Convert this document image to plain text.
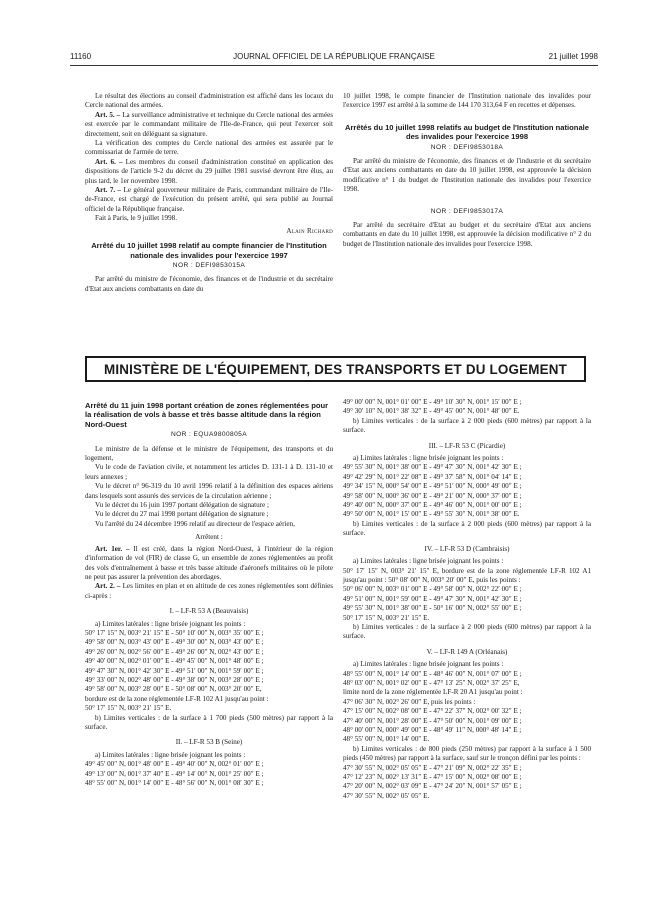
11160	JOURNAL OFFICIEL DE LA RÉPUBLIQUE FRANÇAISE	21 juillet 1998

Le résultat des élections au conseil d'administration est affiché dans les locaux du Cercle national des armées.

Art. 5. – La surveillance administrative et technique du Cercle national des armées est exercée par le commandant militaire de l'Ile-de-France, qui peut l'exercer soit directement, soit en déléguant sa signature.

La vérification des comptes du Cercle national des armées est assurée par le commissariat de l'armée de terre.

Art. 6. – Les membres du conseil d'administration constitué en application des dispositions de l'article 9-2 du décret du 29 juillet 1981 susvisé devront être élus, au plus tard, le 1er novembre 1998.

Art. 7. – Le général gouverneur militaire de Paris, commandant militaire de l'Ile-de-France, est chargé de l'exécution du présent arrêté, qui sera publié au Journal officiel de la République française.

Fait à Paris, le 9 juillet 1998.

Alain Richard
Arrêté du 10 juillet 1998 relatif au compte financier de l'Institution nationale des invalides pour l'exercice 1997
NOR : DEFI9853015A

Par arrêté du ministre de l'économie, des finances et de l'industrie et du secrétaire d'Etat aux anciens combattants en date du

10 juillet 1998, le compte financier de l'Institution nationale des invalides pour l'exercice 1997 est arrêté à la somme de 144 170 313,64 F en recettes et dépenses.

Arrêtés du 10 juillet 1998 relatifs au budget de l'Institution nationale des invalides pour l'exercice 1998
NOR : DEFI9853018A

Par arrêté du ministre de l'économie, des finances et de l'industrie et du secrétaire d'Etat aux anciens combattants en date du 10 juillet 1998, est approuvée la décision modificative n° 1 du budget de l'Institution nationale des invalides pour l'exercice 1998.

NOR : DEFI9853017A

Par arrêté du secrétaire d'Etat au budget et du secrétaire d'Etat aux anciens combattants en date du 10 juillet 1998, est approuvée la décision modificative n° 2 du budget de l'Institution nationale des invalides pour l'exercice 1998.

MINISTÈRE DE L'ÉQUIPEMENT, DES TRANSPORTS ET DU LOGEMENT
Arrêté du 11 juin 1998 portant création de zones réglementées pour la réalisation de vols à basse et très basse altitude dans la région Nord-Ouest
NOR : EQUA9800805A

Le ministre de la défense et le ministre de l'équipement, des transports et du logement,

Vu le code de l'aviation civile, et notamment les articles D. 131-1 à D. 131-10 et leurs annexes ;

Vu le décret n° 96-319 du 10 avril 1996 relatif à la définition des espaces aériens dans lesquels sont assurés des services de la circulation aérienne ;

Vu le décret du 16 juin 1997 portant délégation de signature ;

Vu le décret du 27 mai 1998 portant délégation de signature ;

Vu l'arrêté du 24 décembre 1996 relatif au directeur de l'espace aérien,

Arrêtent :

Art. 1er. – Il est créé, dans la région Nord-Ouest, à l'intérieur de la région d'information de vol (FIR) de classe G, un ensemble de zones réglementées au profit des vols d'entraînement à basse et très basse altitude d'aéronefs militaires où le pilote ne peut pas assurer la prévention des abordages.

Art. 2. – Les limites en plan et en altitude de ces zones réglementées sont définies ci-après :

I. – LF-R 53 A (Beauvaisis)

a) Limites latérales : ligne brisée joignant les points :

50° 17′ 15″ N, 003° 21′ 15″ E - 50° 10′ 00″ N, 003° 35′ 00″ E ;
49° 58′ 00″ N, 003° 43′ 00″ E - 49° 30′ 00″ N, 003° 43′ 00″ E ;
49° 26′ 00″ N, 002° 56′ 00″ E - 49° 26′ 00″ N, 002° 43′ 00″ E ;
49° 40′ 00″ N, 002° 01′ 00″ E - 49° 45′ 00″ N, 001° 48′ 00″ E ;
49° 47′ 30″ N, 001° 42′ 30″ E - 49° 51′ 00″ N, 001° 59′ 00″ E ;
49° 33′ 00″ N, 002° 48′ 00″ E - 49° 38′ 00″ N, 003° 28′ 00″ E ;
49° 58′ 00″ N, 003° 28′ 00″ E - 50° 08′ 00″ N, 003° 20′ 00″ E,

bordure est de la zone réglementée LF-R 102 A1 jusqu'au point :

50° 17′ 15″ N, 003° 21′ 15″ E.

b) Limites verticales : de la surface à 1 700 pieds (500 mètres) par rapport à la surface.

II. – LF-R 53 B (Seine)

a) Limites latérales : ligne brisée joignant les points :

49° 45′ 00″ N, 001° 48′ 00″ E - 49° 40′ 00″ N, 002° 01′ 00″ E ;
49° 13′ 00″ N, 001° 37′ 40″ E - 49° 14′ 00″ N, 001° 25′ 00″ E ;
48° 55′ 00″ N, 001° 14′ 00″ E - 48° 56′ 00″ N, 001° 08′ 30″ E ;
49° 00′ 00″ N, 001° 01′ 00″ E - 49° 10′ 30″ N, 001° 15′ 00″ E ;
49° 30′ 10″ N, 001° 38′ 32″ E - 49° 45′ 00″ N, 001° 48′ 00″ E.

b) Limites verticales : de la surface à 2 000 pieds (600 mètres) par rapport à la surface.

III. – LF-R 53 C (Picardie)

a) Limites latérales : ligne brisée joignant les points :

49° 55′ 30″ N, 001° 38′ 00″ E - 49° 47′ 30″ N, 001° 42′ 30″ E ;
49° 42′ 29″ N, 001° 22′ 08″ E - 49° 37′ 58″ N, 001° 04′ 14″ E ;
49° 34′ 15″ N, 000° 54′ 00″ E - 49° 51′ 00″ N, 000° 49′ 00″ E ;
49° 58′ 00″ N, 000° 36′ 00″ E - 49° 21′ 00″ N, 000° 37′ 00″ E ;
49° 40′ 00″ N, 000° 37′ 00″ E - 49° 46′ 00″ N, 001° 00′ 00″ E ;
49° 50′ 00″ N, 001° 15′ 00″ E - 49° 55′ 30″ N, 001° 38′ 00″ E.

b) Limites verticales : de la surface à 2 000 pieds (600 mètres) par rapport à la surface.

IV. – LF-R 53 D (Cambraisis)

a) Limites latérales : ligne brisée joignant les points :

50° 17′ 15″ N, 003° 21′ 15″ E, bordure est de la zone réglementée LF-R 102 A1 jusqu'au point : 50° 08′ 00″ N, 003° 20′ 00″ E, puis les points :

50° 06′ 00″ N, 003° 01′ 00″ E - 49° 58′ 00″ N, 002° 22′ 00″ E ;
49° 51′ 00″ N, 001° 59′ 00″ E - 49° 47′ 30″ N, 001° 42′ 30″ E ;
49° 55′ 30″ N, 001° 38′ 00″ E - 50° 16′ 00″ N, 002° 55′ 00″ E ;
50° 17′ 15″ N, 003° 21′ 15″ E.

b) Limites verticales : de la surface à 2 000 pieds (600 mètres) par rapport à la surface.

V. – LF-R 149 A (Orléanais)

a) Limites latérales : ligne brisée joignant les points :

48° 55′ 00″ N, 001° 14′ 00″ E - 48° 46′ 00″ N, 001° 07′ 00″ E ;
48° 03′ 00″ N, 001° 02′ 00″ E - 47° 13′ 25″ N, 002° 37′ 25″ E,

limite nord de la zone réglementée LF-R 20 A1 jusqu'au point :

47° 06′ 30″ N, 002° 26′ 00″ E, puis les points :
47° 15′ 00″ N, 002° 08′ 00″ E - 47° 22′ 37″ N, 002° 00′ 32″ E ;
47° 40′ 00″ N, 001° 28′ 00″ E - 47° 50′ 00″ N, 001° 09′ 00″ E ;
48° 00′ 00″ N, 000° 49′ 00″ E - 48° 49′ 11″ N, 000° 48′ 14″ E ;
48° 55′ 00″ N, 001° 14′ 00″ E.

b) Limites verticales : de 800 pieds (250 mètres) par rapport à la surface à 1 500 pieds (450 mètres) par rapport à la surface, sauf sur le tronçon défini par les points :

47° 30′ 55″ N, 002° 05′ 05″ E - 47° 21′ 09″ N, 002° 22′ 35″ E ;
47° 12′ 23″ N, 002° 13′ 31″ E - 47° 15′ 00″ N, 002° 08′ 00″ E ;
47° 20′ 00″ N, 002° 03′ 09″ E - 47° 24′ 20″ N, 001° 57′ 05″ E ;
47° 30′ 55″ N, 002° 05′ 05″ E.
